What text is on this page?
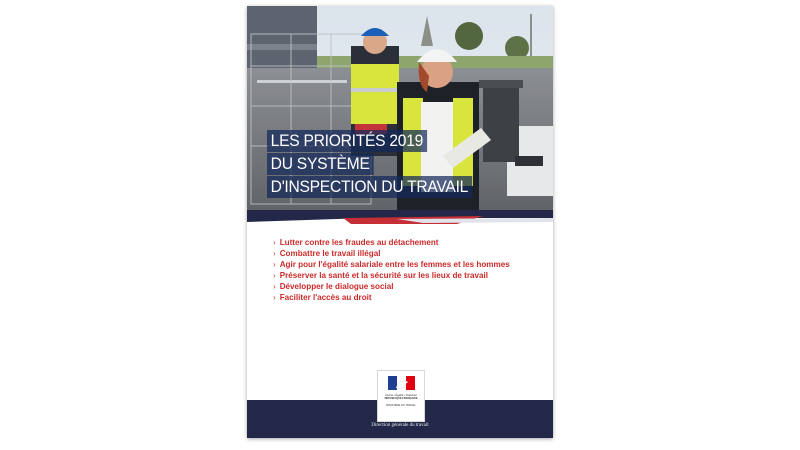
LES PRIORITÉS 2019
DU SYSTÈME
D'INSPECTION DU TRAVAIL
› Lutter contre les fraudes au détachement
› Combattre le travail illégal
› Agir pour l'égalité salariale entre les femmes et les hommes
› Préserver la santé et la sécurité sur les lieux de travail
› Développer le dialogue social
› Faciliter l'accès au droit
Liberté • Égalité • Fraternité
RÉPUBLIQUE FRANÇAISE
MINISTÈRE DU TRAVAIL
Direction générale du travail
